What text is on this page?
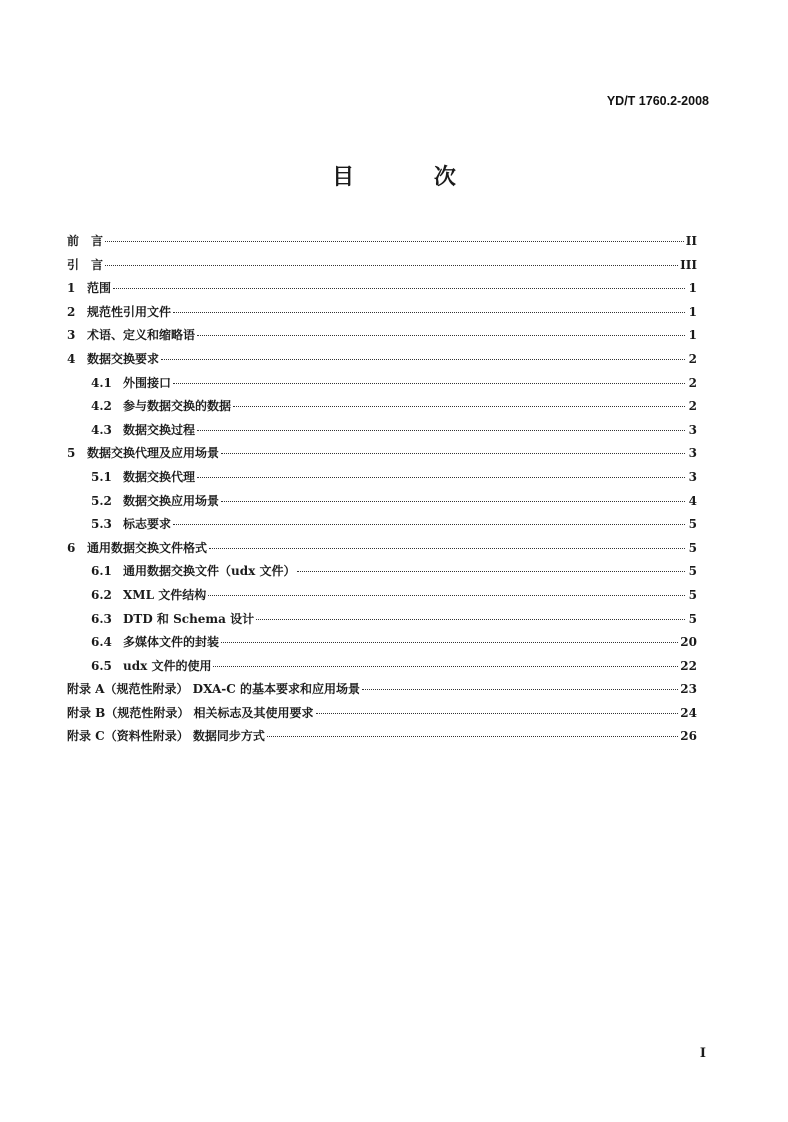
YD/T 1760.2-2008
目 次
前　言	II
引　言	III
1 范围	1
2 规范性引用文件	1
3 术语、定义和缩略语	1
4 数据交换要求	2
4.1 外围接口	2
4.2 参与数据交换的数据	2
4.3 数据交换过程	3
5 数据交换代理及应用场景	3
5.1 数据交换代理	3
5.2 数据交换应用场景	4
5.3 标志要求	5
6 通用数据交换文件格式	5
6.1 通用数据交换文件（udx 文件）	5
6.2 XML 文件结构	5
6.3 DTD 和 Schema 设计	5
6.4 多媒体文件的封装	20
6.5 udx 文件的使用	22
附录 A（规范性附录） DXA-C 的基本要求和应用场景	23
附录 B（规范性附录） 相关标志及其使用要求	24
附录 C（资料性附录） 数据同步方式	26
I
